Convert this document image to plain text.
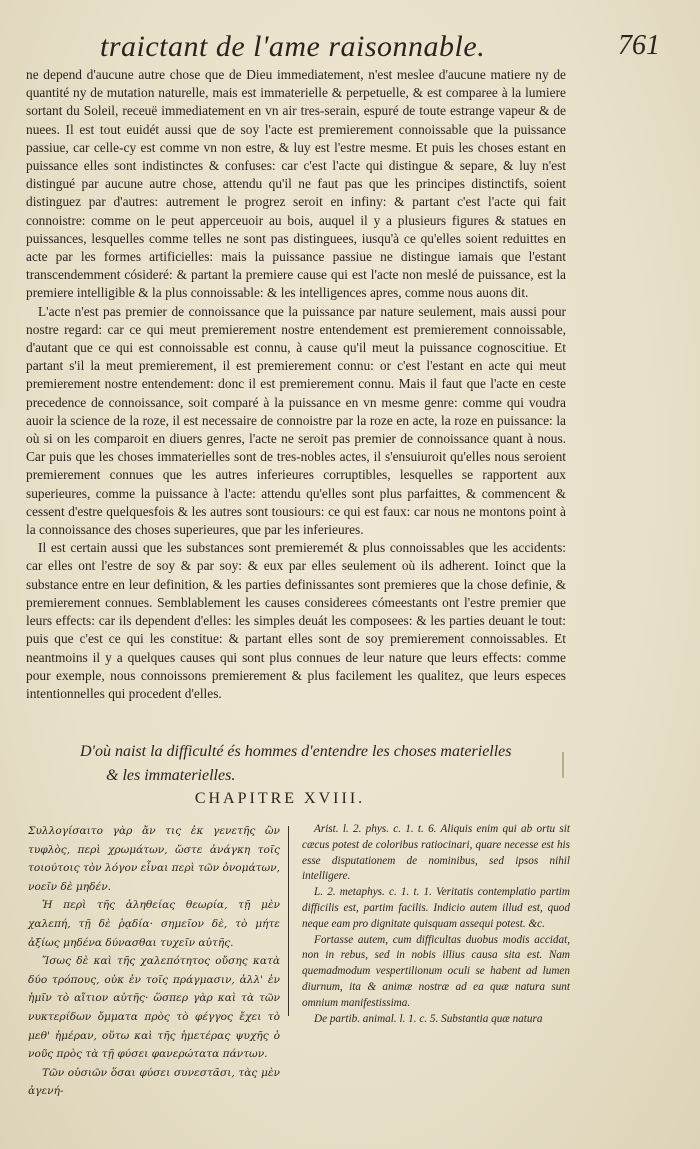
traictant de l'ame raisonnable.	761

ne depend d'aucune autre chose que de Dieu immediatement, n'est meslee d'aucune matiere ny de quantité ny de mutation naturelle, mais est immaterielle & perpetuelle, & est comparee à la lumiere sortant du Soleil, receuë immediatement en vn air tres-serain, espuré de toute estrange vapeur & de nuees. Il est tout euidét aussi que de soy l'acte est premierement connoissable que la puissance passiue, car celle-cy est comme vn non estre, & luy est l'estre mesme. Et puis les choses estant en puissance elles sont indistinctes & confuses: car c'est l'acte qui distingue & separe, & luy n'est distingué par aucune autre chose, attendu qu'il ne faut pas que les principes distinctifs, soient distinguez par d'autres: autrement le progrez seroit en infiny: & partant c'est l'acte qui fait connoistre: comme on le peut apperceuoir au bois, auquel il y a plusieurs figures & statues en puissances, lesquelles comme telles ne sont pas distinguees, iusqu'à ce qu'elles soient reduittes en acte par les formes artificielles: mais la puissance passiue ne distingue iamais que l'estant transcendemment cósideré: & partant la premiere cause qui est l'acte non meslé de puissance, est la premiere intelligible & la plus connoissable: & les intelligences apres, comme nous auons dit.

L'acte n'est pas premier de connoissance que la puissance par nature seulement, mais aussi pour nostre regard: car ce qui meut premierement nostre entendement est premierement connoissable, d'autant que ce qui est connoissable est connu, à cause qu'il meut la puissance cognoscitiue. Et partant s'il la meut premierement, il est premierement connu: or c'est l'estant en acte qui meut premierement nostre entendement: donc il est premierement connu. Mais il faut que l'acte en ceste precedence de connoissance, soit comparé à la puissance en vn mesme genre: comme qui voudra auoir la science de la roze, il est necessaire de connoistre par la roze en acte, la roze en puissance: la où si on les comparoit en diuers genres, l'acte ne seroit pas premier de connoissance quant à nous. Car puis que les choses immaterielles sont de tres-nobles actes, il s'ensuiuroit qu'elles nous seroient premierement connues que les autres inferieures corruptibles, lesquelles se rapportent aux superieures, comme la puissance à l'acte: attendu qu'elles sont plus parfaittes, & commencent & cessent d'estre quelquesfois & les autres sont tousiours: ce qui est faux: car nous ne montons point à la connoissance des choses superieures, que par les inferieures.

Il est certain aussi que les substances sont premieremét & plus connoissables que les accidents: car elles ont l'estre de soy & par soy: & eux par elles seulement où ils adherent. Ioinct que la substance entre en leur definition, & les parties definissantes sont premieres que la chose definie, & premierement connues. Semblablement les causes considerees cómeestants ont l'estre premier que leurs effects: car ils dependent d'elles: les simples deuát les composees: & les parties deuant le tout: puis que c'est ce qui les constitue: & partant elles sont de soy premierement connoissables. Et neantmoins il y a quelques causes qui sont plus connues de leur nature que leurs effects: comme pour exemple, nous connoissons premierement & plus facilement les qualitez, que leurs especes intentionnelles qui procedent d'elles.

D'où naist la difficulté és hommes d'entendre les choses materielles
& les immaterielles.
CHAPITRE XVIII.

Συλλογίσαιτο γὰρ ἄν τις ἐκ γενετῆς ὢν τυφλὸς, περὶ χρωμάτων, ὥστε ἀνάγκη τοῖς τοιούτοις τὸν λόγον εἶναι περὶ τῶν ὀνομάτων, νοεῖν δὲ μηδέν.

Ἡ περὶ τῆς ἀληθείας θεωρία, τῇ μὲν χαλεπή, τῇ δὲ ῥᾳδία· σημεῖον δὲ, τὸ μήτε ἀξίως μηδένα δύνασθαι τυχεῖν αὐτῆς.

Ἴσως δὲ καὶ τῆς χαλεπότητος οὔσης κατὰ δύο τρόπους, οὐκ ἐν τοῖς πράγμασιν, ἀλλ' ἐν ἡμῖν τὸ αἴτιον αὐτῆς· ὥσπερ γὰρ καὶ τὰ τῶν νυκτερίδων ὄμματα πρὸς τὸ φέγγος ἔχει τὸ μεθ' ἡμέραν, οὕτω καὶ τῆς ἡμετέρας ψυχῆς ὁ νοῦς πρὸς τὰ τῇ φύσει φανερώτατα πάντων.

Τῶν οὐσιῶν ὅσαι φύσει συνεστᾶσι, τὰς μὲν ἀγενή-

Arist. l. 2. phys. c. 1. t. 6. Aliquis enim qui ab ortu sit cæcus potest de coloribus ratiocinari, quare necesse est his esse disputationem de nominibus, sed ipsos nihil intelligere.

L. 2. metaphys. c. 1. t. 1. Veritatis contemplatio partim difficilis est, partim facilis. Indicio autem illud est, quod neque eam pro dignitate quisquam assequi potest. &c.

Fortasse autem, cum difficultas duobus modis accidat, non in rebus, sed in nobis illius causa sita est. Nam quemadmodum vespertilionum oculi se habent ad lumen diurnum, ita & animæ nostræ ad ea quæ natura sunt omnium manifestissima.

De partib. animal. l. 1. c. 5. Substantia quæ natura
